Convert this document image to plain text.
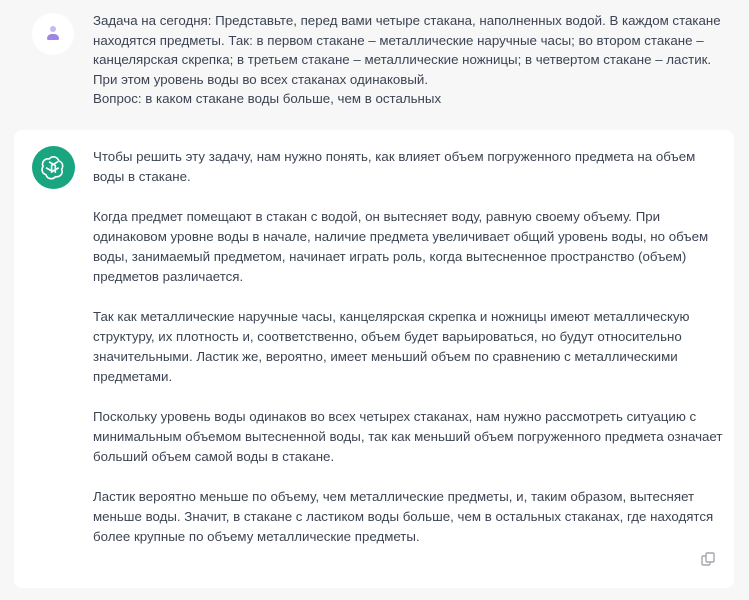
Задача на сегодня: Представьте, перед вами четыре стакана, наполненных водой. В каждом стакане находятся предметы. Так: в первом стакане – металлические наручные часы; во втором стакане – канцелярская скрепка; в третьем стакане – металлические ножницы; в четвертом стакане – ластик. При этом уровень воды во всех стаканах одинаковый.

Вопрос: в каком стакане воды больше, чем в остальных

Чтобы решить эту задачу, нам нужно понять, как влияет объем погруженного предмета на объем воды в стакане.

Когда предмет помещают в стакан с водой, он вытесняет воду, равную своему объему. При одинаковом уровне воды в начале, наличие предмета увеличивает общий уровень воды, но объем воды, занимаемый предметом, начинает играть роль, когда вытесненное пространство (объем) предметов различается.

Так как металлические наручные часы, канцелярская скрепка и ножницы имеют металлическую структуру, их плотность и, соответственно, объем будет варьироваться, но будут относительно значительными. Ластик же, вероятно, имеет меньший объем по сравнению с металлическими предметами.

Поскольку уровень воды одинаков во всех четырех стаканах, нам нужно рассмотреть ситуацию с минимальным объемом вытесненной воды, так как меньший объем погруженного предмета означает больший объем самой воды в стакане.

Ластик вероятно меньше по объему, чем металлические предметы, и, таким образом, вытесняет меньше воды. Значит, в стакане с ластиком воды больше, чем в остальных стаканах, где находятся более крупные по объему металлические предметы.
